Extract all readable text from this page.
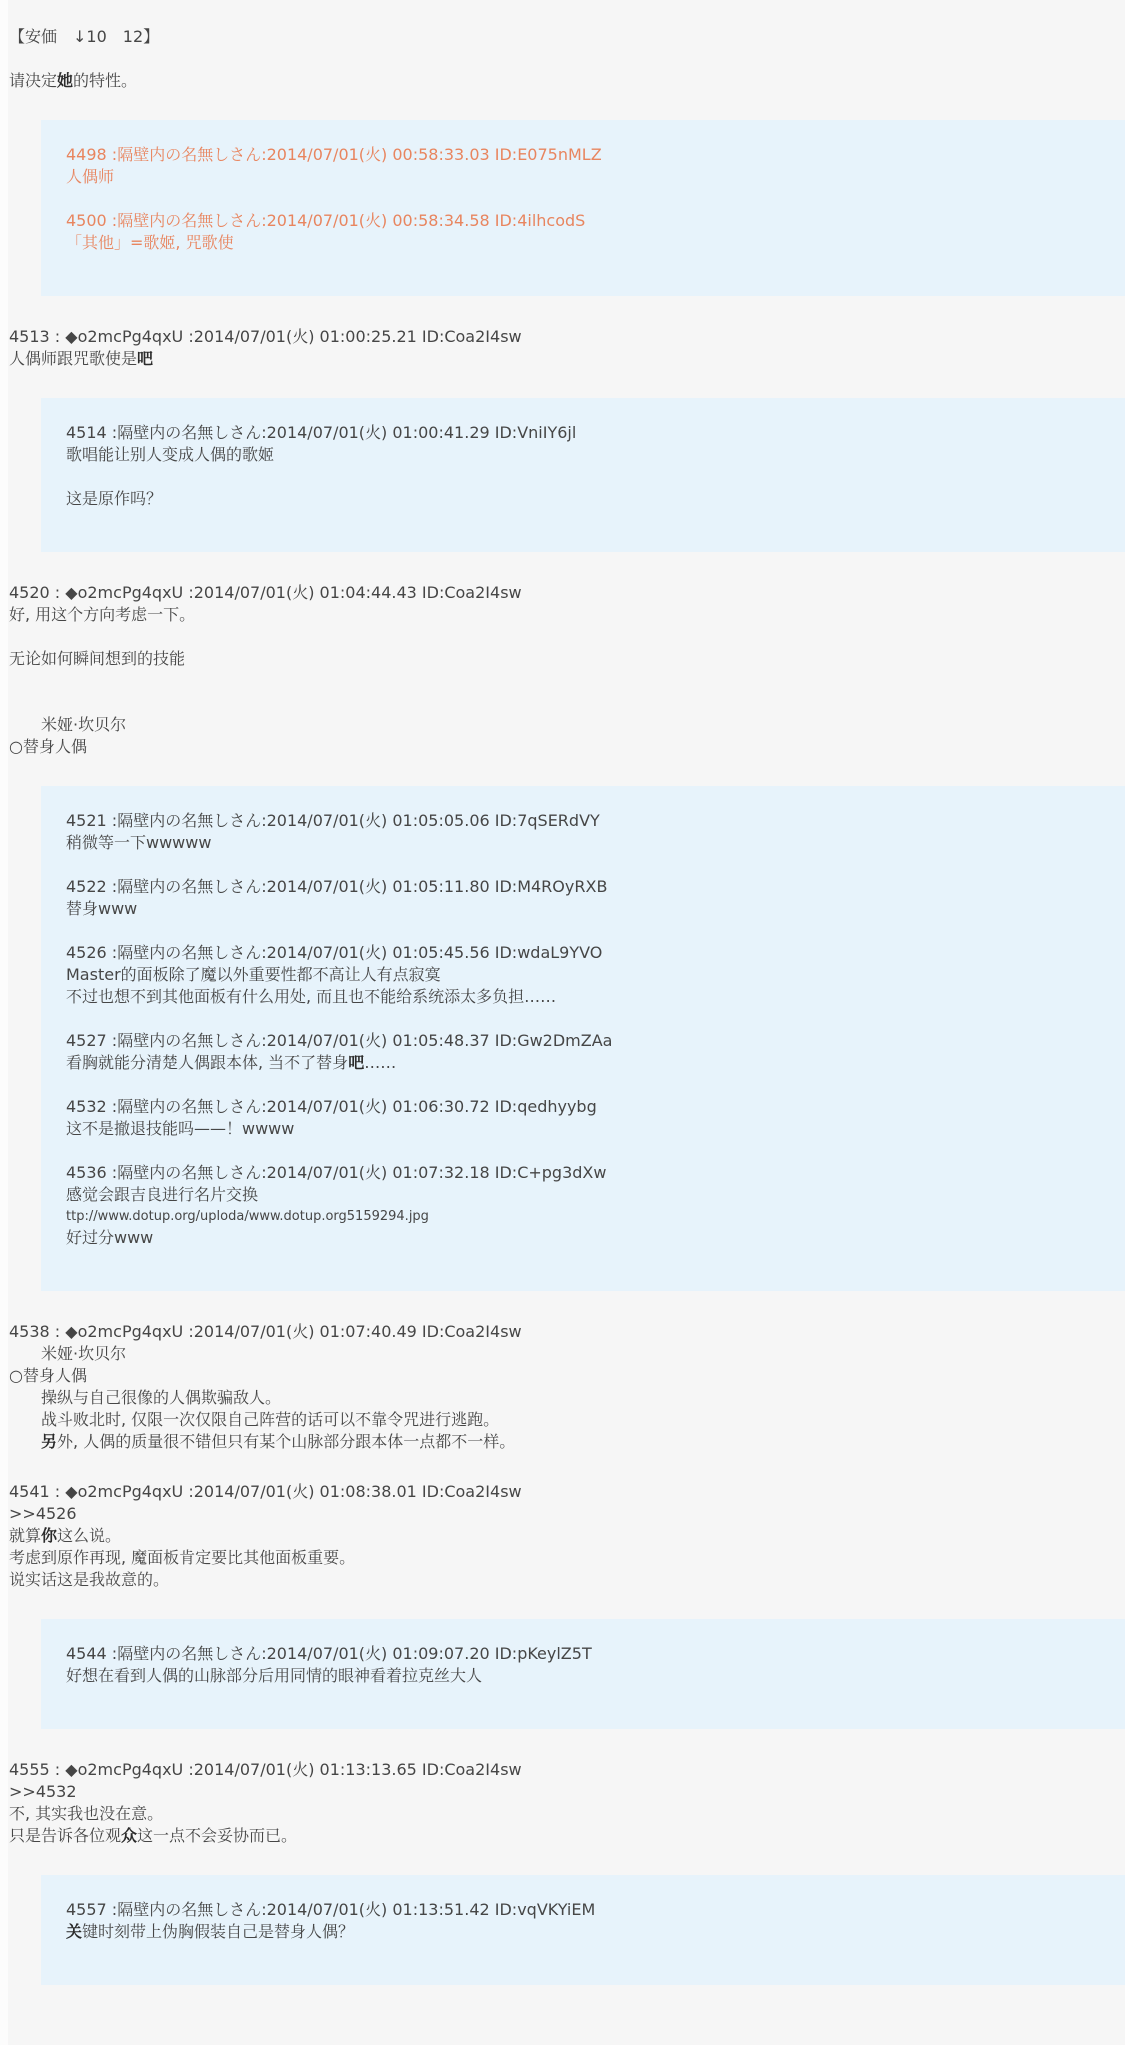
【安価　↓10　12】

请决定她的特性。
4498 :隔壁内の名無しさん:2014/07/01(火) 00:58:33.03 ID:E075nMLZ
人偶师
4500 :隔壁内の名無しさん:2014/07/01(火) 00:58:34.58 ID:4ilhcodS
「其他」=歌姬, 咒歌使
4513 : ◆o2mcPg4qxU :2014/07/01(火) 01:00:25.21 ID:Coa2I4sw
人偶师跟咒歌使是吧
4514 :隔壁内の名無しさん:2014/07/01(火) 01:00:41.29 ID:VniIY6jl
歌唱能让别人变成人偶的歌姬

这是原作吗？
4520 : ◆o2mcPg4qxU :2014/07/01(火) 01:04:44.43 ID:Coa2I4sw
好, 用这个方向考虑一下。

无论如何瞬间想到的技能

　　米娅·坎贝尔
○替身人偶
4521 :隔壁内の名無しさん:2014/07/01(火) 01:05:05.06 ID:7qSERdVY
稍微等一下wwwww
4522 :隔壁内の名無しさん:2014/07/01(火) 01:05:11.80 ID:M4ROyRXB
替身www
4526 :隔壁内の名無しさん:2014/07/01(火) 01:05:45.56 ID:wdaL9YVO
Master的面板除了魔以外重要性都不高让人有点寂寞
不过也想不到其他面板有什么用处, 而且也不能给系统添太多负担……
4527 :隔壁内の名無しさん:2014/07/01(火) 01:05:48.37 ID:Gw2DmZAa
看胸就能分清楚人偶跟本体, 当不了替身吧……
4532 :隔壁内の名無しさん:2014/07/01(火) 01:06:30.72 ID:qedhyybg
这不是撤退技能吗——！wwww
4536 :隔壁内の名無しさん:2014/07/01(火) 01:07:32.18 ID:C+pg3dXw
感觉会跟吉良进行名片交换
ttp://www.dotup.org/uploda/www.dotup.org5159294.jpg
好过分www
4538 : ◆o2mcPg4qxU :2014/07/01(火) 01:07:40.49 ID:Coa2I4sw
　　米娅·坎贝尔
○替身人偶
　　操纵与自己很像的人偶欺骗敌人。
　　战斗败北时, 仅限一次仅限自己阵营的话可以不靠令咒进行逃跑。
　　另外, 人偶的质量很不错但只有某个山脉部分跟本体一点都不一样。
4541 : ◆o2mcPg4qxU :2014/07/01(火) 01:08:38.01 ID:Coa2I4sw
>>4526
就算你这么说。
考虑到原作再现, 魔面板肯定要比其他面板重要。
说实话这是我故意的。
4544 :隔壁内の名無しさん:2014/07/01(火) 01:09:07.20 ID:pKeylZ5T
好想在看到人偶的山脉部分后用同情的眼神看着拉克丝大人
4555 : ◆o2mcPg4qxU :2014/07/01(火) 01:13:13.65 ID:Coa2I4sw
>>4532
不, 其实我也没在意。
只是告诉各位观众这一点不会妥协而已。
4557 :隔壁内の名無しさん:2014/07/01(火) 01:13:51.42 ID:vqVKYiEM
关键时刻带上伪胸假装自己是替身人偶？
